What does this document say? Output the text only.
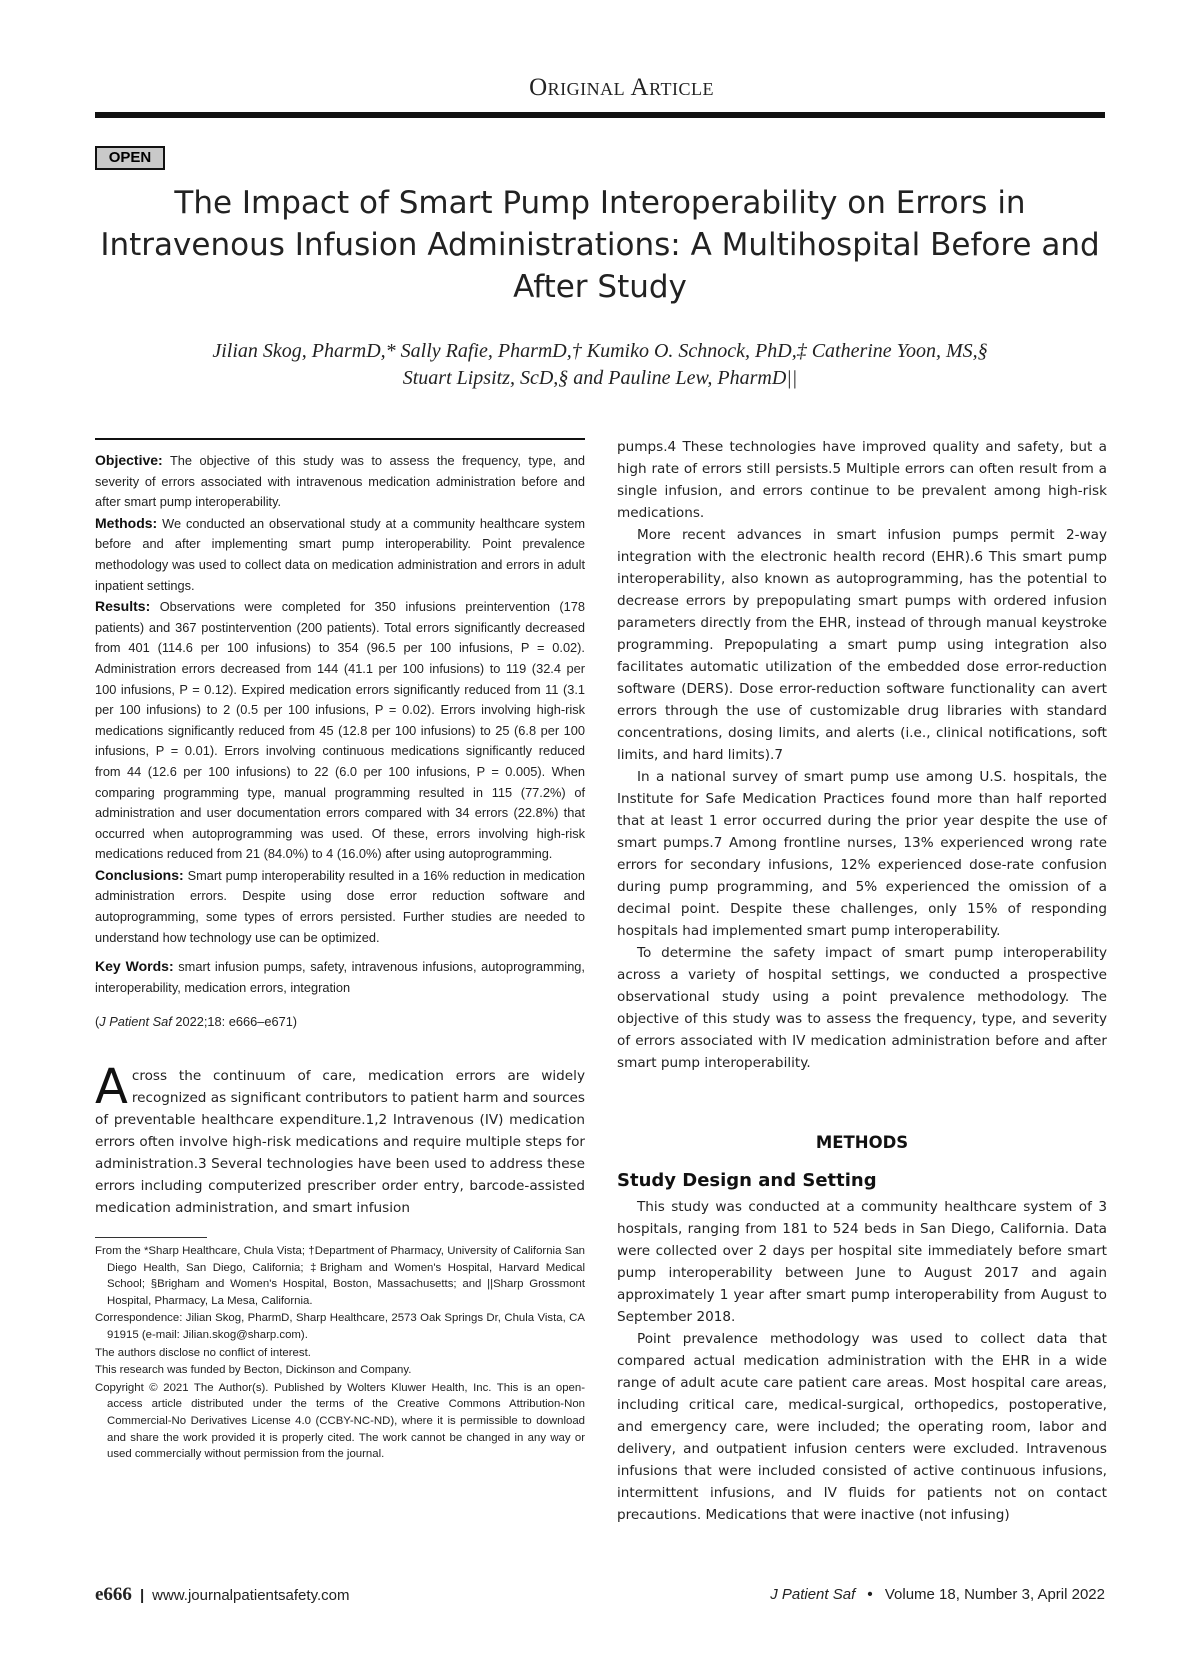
Original Article
OPEN
The Impact of Smart Pump Interoperability on Errors in Intravenous Infusion Administrations: A Multihospital Before and After Study
Jilian Skog, PharmD,* Sally Rafie, PharmD,† Kumiko O. Schnock, PhD,‡ Catherine Yoon, MS,§
Stuart Lipsitz, ScD,§ and Pauline Lew, PharmD||

Objective: The objective of this study was to assess the frequency, type, and severity of errors associated with intravenous medication administration before and after smart pump interoperability.

Methods: We conducted an observational study at a community healthcare system before and after implementing smart pump interoperability. Point prevalence methodology was used to collect data on medication administration and errors in adult inpatient settings.

Results: Observations were completed for 350 infusions preintervention (178 patients) and 367 postintervention (200 patients). Total errors significantly decreased from 401 (114.6 per 100 infusions) to 354 (96.5 per 100 infusions, P = 0.02). Administration errors decreased from 144 (41.1 per 100 infusions) to 119 (32.4 per 100 infusions, P = 0.12). Expired medication errors significantly reduced from 11 (3.1 per 100 infusions) to 2 (0.5 per 100 infusions, P = 0.02). Errors involving high-risk medications significantly reduced from 45 (12.8 per 100 infusions) to 25 (6.8 per 100 infusions, P = 0.01). Errors involving continuous medications significantly reduced from 44 (12.6 per 100 infusions) to 22 (6.0 per 100 infusions, P = 0.005). When comparing programming type, manual programming resulted in 115 (77.2%) of administration and user documentation errors compared with 34 errors (22.8%) that occurred when autoprogramming was used. Of these, errors involving high-risk medications reduced from 21 (84.0%) to 4 (16.0%) after using autoprogramming.

Conclusions: Smart pump interoperability resulted in a 16% reduction in medication administration errors. Despite using dose error reduction software and autoprogramming, some types of errors persisted. Further studies are needed to understand how technology use can be optimized.

Key Words: smart infusion pumps, safety, intravenous infusions, autoprogramming, interoperability, medication errors, integration

(J Patient Saf 2022;18: e666–e671)

Across the continuum of care, medication errors are widely recognized as significant contributors to patient harm and sources of preventable healthcare expenditure.1,2 Intravenous (IV) medication errors often involve high-risk medications and require multiple steps for administration.3 Several technologies have been used to address these errors including computerized prescriber order entry, barcode-assisted medication administration, and smart infusion

From the *Sharp Healthcare, Chula Vista; †Department of Pharmacy, University of California San Diego Health, San Diego, California; ‡Brigham and Women's Hospital, Harvard Medical School; §Brigham and Women's Hospital, Boston, Massachusetts; and ||Sharp Grossmont Hospital, Pharmacy, La Mesa, California.

Correspondence: Jilian Skog, PharmD, Sharp Healthcare, 2573 Oak Springs Dr, Chula Vista, CA 91915 (e-mail: Jilian.skog@sharp.com).

The authors disclose no conflict of interest.

This research was funded by Becton, Dickinson and Company.

Copyright © 2021 The Author(s). Published by Wolters Kluwer Health, Inc. This is an open-access article distributed under the terms of the Creative Commons Attribution-Non Commercial-No Derivatives License 4.0 (CCBY-NC-ND), where it is permissible to download and share the work provided it is properly cited. The work cannot be changed in any way or used commercially without permission from the journal.

pumps.4 These technologies have improved quality and safety, but a high rate of errors still persists.5 Multiple errors can often result from a single infusion, and errors continue to be prevalent among high-risk medications.

More recent advances in smart infusion pumps permit 2-way integration with the electronic health record (EHR).6 This smart pump interoperability, also known as autoprogramming, has the potential to decrease errors by prepopulating smart pumps with ordered infusion parameters directly from the EHR, instead of through manual keystroke programming. Prepopulating a smart pump using integration also facilitates automatic utilization of the embedded dose error-reduction software (DERS). Dose error-reduction software functionality can avert errors through the use of customizable drug libraries with standard concentrations, dosing limits, and alerts (i.e., clinical notifications, soft limits, and hard limits).7

In a national survey of smart pump use among U.S. hospitals, the Institute for Safe Medication Practices found more than half reported that at least 1 error occurred during the prior year despite the use of smart pumps.7 Among frontline nurses, 13% experienced wrong rate errors for secondary infusions, 12% experienced dose-rate confusion during pump programming, and 5% experienced the omission of a decimal point. Despite these challenges, only 15% of responding hospitals had implemented smart pump interoperability.

To determine the safety impact of smart pump interoperability across a variety of hospital settings, we conducted a prospective observational study using a point prevalence methodology. The objective of this study was to assess the frequency, type, and severity of errors associated with IV medication administration before and after smart pump interoperability.

METHODS
Study Design and Setting

This study was conducted at a community healthcare system of 3 hospitals, ranging from 181 to 524 beds in San Diego, California. Data were collected over 2 days per hospital site immediately before smart pump interoperability between June to August 2017 and again approximately 1 year after smart pump interoperability from August to September 2018.

Point prevalence methodology was used to collect data that compared actual medication administration with the EHR in a wide range of adult acute care patient care areas. Most hospital care areas, including critical care, medical-surgical, orthopedics, postoperative, and emergency care, were included; the operating room, labor and delivery, and outpatient infusion centers were excluded. Intravenous infusions that were included consisted of active continuous infusions, intermittent infusions, and IV fluids for patients not on contact precautions. Medications that were inactive (not infusing)

e666 | www.journalpatientsafety.com	J Patient Saf • Volume 18, Number 3, April 2022
